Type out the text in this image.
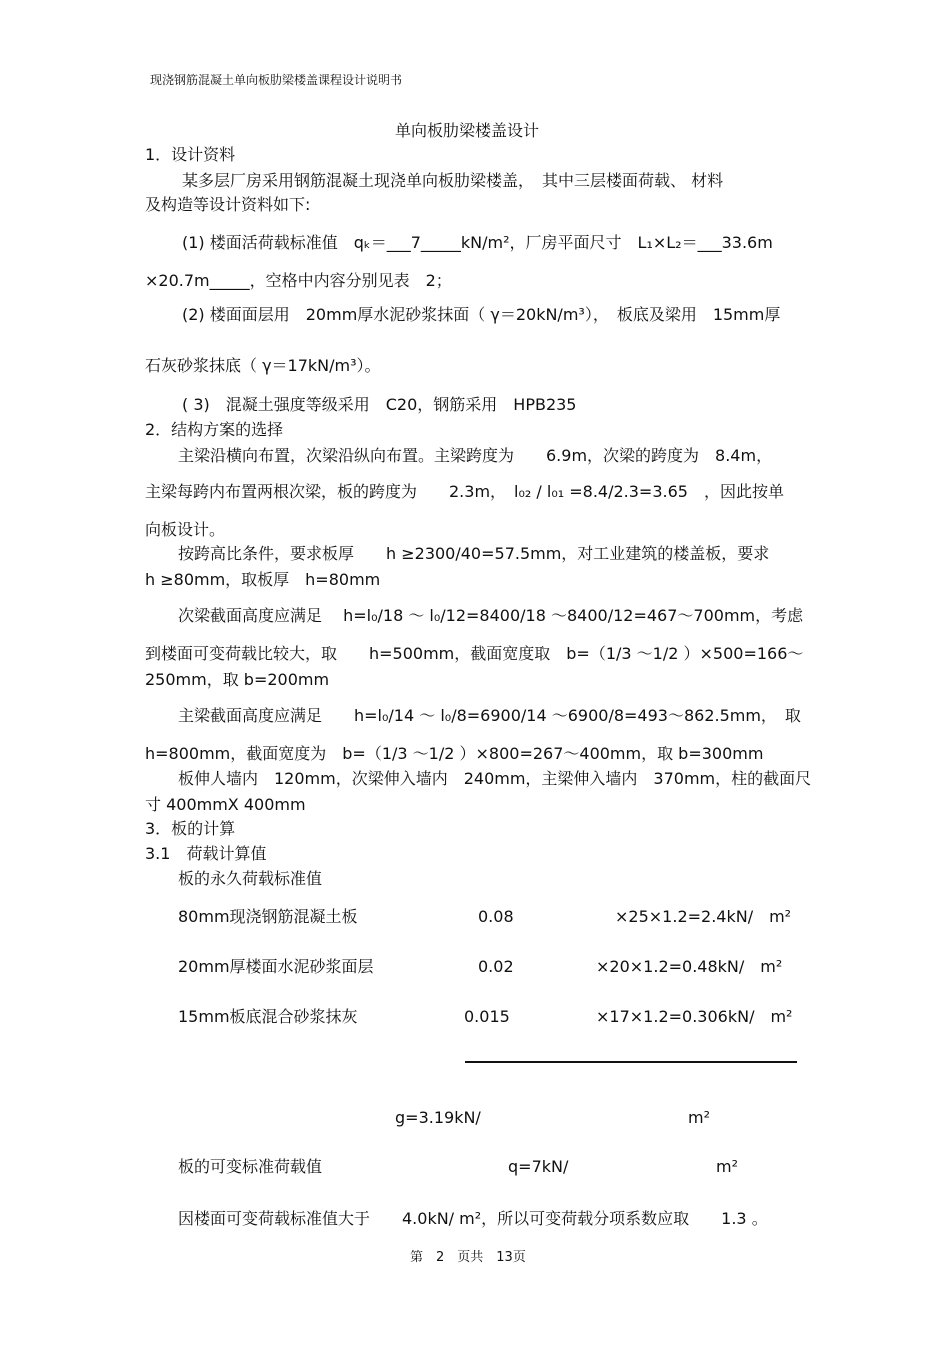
现浇钢筋混凝土单向板肋梁楼盖课程设计说明书
单向板肋梁楼盖设计
1．设计资料
某多层厂房采用钢筋混凝土现浇单向板肋梁楼盖，　其中三层楼面荷载、 材料
及构造等设计资料如下:
(1) 楼面活荷载标准值　qₖ＝___7_____kN/m²，厂房平面尺寸　L₁×L₂＝___33.6m
×20.7m_____，空格中内容分别见表　2；
(2) 楼面面层用　20mm厚水泥砂浆抹面（ γ＝20kN/m³），　板底及梁用　15mm厚
石灰砂浆抹底（ γ＝17kN/m³）。
( 3)　混凝土强度等级采用　C20，钢筋采用　HPB235
2．结构方案的选择
主梁沿横向布置，次梁沿纵向布置。主梁跨度为　　6.9m，次梁的跨度为　8.4m，
主梁每跨内布置两根次梁，板的跨度为　　2.3m，　l₀₂ / l₀₁ =8.4/2.3=3.65　，因此按单
向板设计。
按跨高比条件，要求板厚　　h ≥2300/40=57.5mm，对工业建筑的楼盖板，要求
h ≥80mm，取板厚　h=80mm
次梁截面高度应满足　 h=l₀/18 ～ l₀/12=8400/18 ～8400/12=467～700mm，考虑
到楼面可变荷载比较大，取　　h=500mm，截面宽度取　b=（1/3 ～1/2 ）×500=166～
250mm，取 b=200mm
主梁截面高度应满足　　h=l₀/14 ～ l₀/8=6900/14 ～6900/8=493～862.5mm，　取
h=800mm，截面宽度为　b=（1/3 ～1/2 ）×800=267～400mm，取 b=300mm
板伸人墙内　120mm，次梁伸入墙内　240mm，主梁伸入墙内　370mm，柱的截面尺
寸 400mmX 400mm
3．板的计算
3.1　荷载计算值
板的永久荷载标准值
80mm现浇钢筋混凝土板	0.08	×25×1.2=2.4kN/　m²
20mm厚楼面水泥砂浆面层	0.02	×20×1.2=0.48kN/　m²
15mm板底混合砂浆抹灰	0.015	×17×1.2=0.306kN/　m²
g=3.19kN/	m²
板的可变标准荷载值	q=7kN/	m²
因楼面可变荷载标准值大于　　4.0kN/ m²，所以可变荷载分项系数应取　　1.3 。
第　2　页共　13页
